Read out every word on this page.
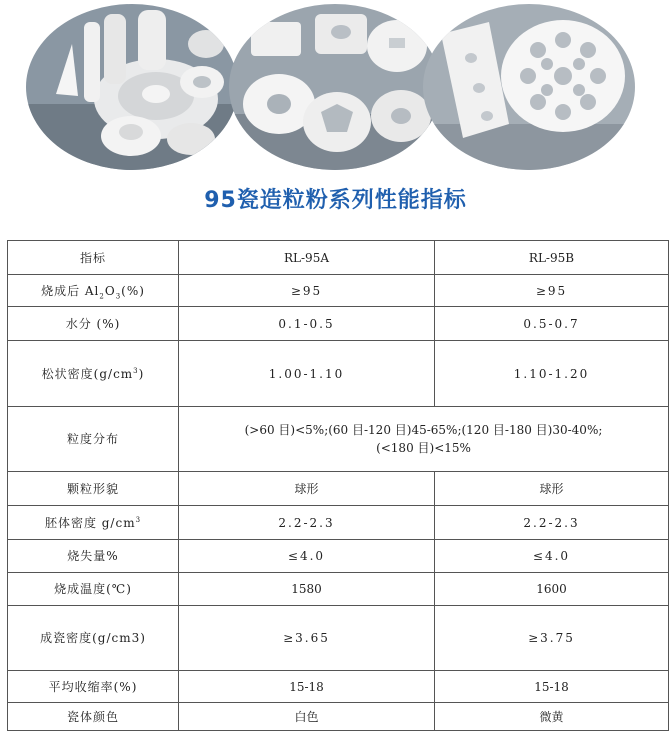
95瓷造粒粉系列性能指标
指标	RL-95A	RL-95B
烧成后 $Al_2O_3(\%)$	≥95	≥95
水分 (%)	0.1-0.5	0.5-0.7
松状密度$(g/cm^3)$	1.00-1.10	1.10-1.20
粒度分布	(>60 目)<5%;(60 目-120 目)45-65%;(120 目-180 目)30-40%;
(<180 目)<15%	

颗粒形貌	球形	球形
胚体密度 $g/cm^3$	2.2-2.3	2.2-2.3
烧失量%	≤4.0	≤4.0
烧成温度(℃)	1580	1600
成瓷密度(g/cm3)	≥3.65	≥3.75
平均收缩率(%)	15-18	15-18
瓷体颜色	白色	微黄
